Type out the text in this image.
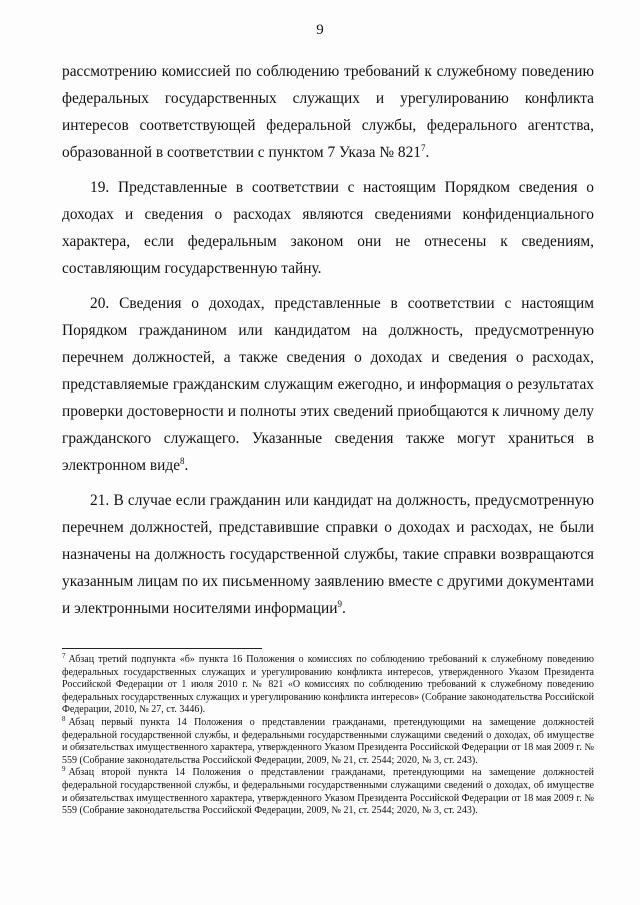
9

рассмотрению комиссией по соблюдению требований к служебному поведению федеральных государственных служащих и урегулированию конфликта интересов соответствующей федеральной службы, федерального агентства, образованной в соответствии с пунктом 7 Указа № $821^7$.

19. Представленные в соответствии с настоящим Порядком сведения о доходах и сведения о расходах являются сведениями конфиденциального характера, если федеральным законом они не отнесены к сведениям, составляющим государственную тайну.

20. Сведения о доходах, представленные в соответствии с настоящим Порядком гражданином или кандидатом на должность, предусмотренную перечнем должностей, а также сведения о доходах и сведения о расходах, представляемые гражданским служащим ежегодно, и информация о результатах проверки достоверности и полноты этих сведений приобщаются к личному делу гражданского служащего. Указанные сведения также могут храниться в электронном виде$^8$.

21. В случае если гражданин или кандидат на должность, предусмотренную перечнем должностей, представившие справки о доходах и расходах, не были назначены на должность государственной службы, такие справки возвращаются указанным лицам по их письменному заявлению вместе с другими документами и электронными носителями информации$^9$.

$^7$ Абзац третий подпункта «б» пункта 16 Положения о комиссиях по соблюдению требований к служебному поведению федеральных государственных служащих и урегулированию конфликта интересов, утвержденного Указом Президента Российской Федерации от 1 июля 2010 г. № 821 «О комиссиях по соблюдению требований к служебному поведению федеральных государственных служащих и урегулированию конфликта интересов» (Собрание законодательства Российской Федерации, 2010, № 27, ст. 3446).

$^8$ Абзац первый пункта 14 Положения о представлении гражданами, претендующими на замещение должностей федеральной государственной службы, и федеральными государственными служащими сведений о доходах, об имуществе и обязательствах имущественного характера, утвержденного Указом Президента Российской Федерации от 18 мая 2009 г. № 559 (Собрание законодательства Российской Федерации, 2009, № 21, ст. 2544; 2020, № 3, ст. 243).

$^9$ Абзац второй пункта 14 Положения о представлении гражданами, претендующими на замещение должностей федеральной государственной службы, и федеральными государственными служащими сведений о доходах, об имуществе и обязательствах имущественного характера, утвержденного Указом Президента Российской Федерации от 18 мая 2009 г. № 559 (Собрание законодательства Российской Федерации, 2009, № 21, ст. 2544; 2020, № 3, ст. 243).
